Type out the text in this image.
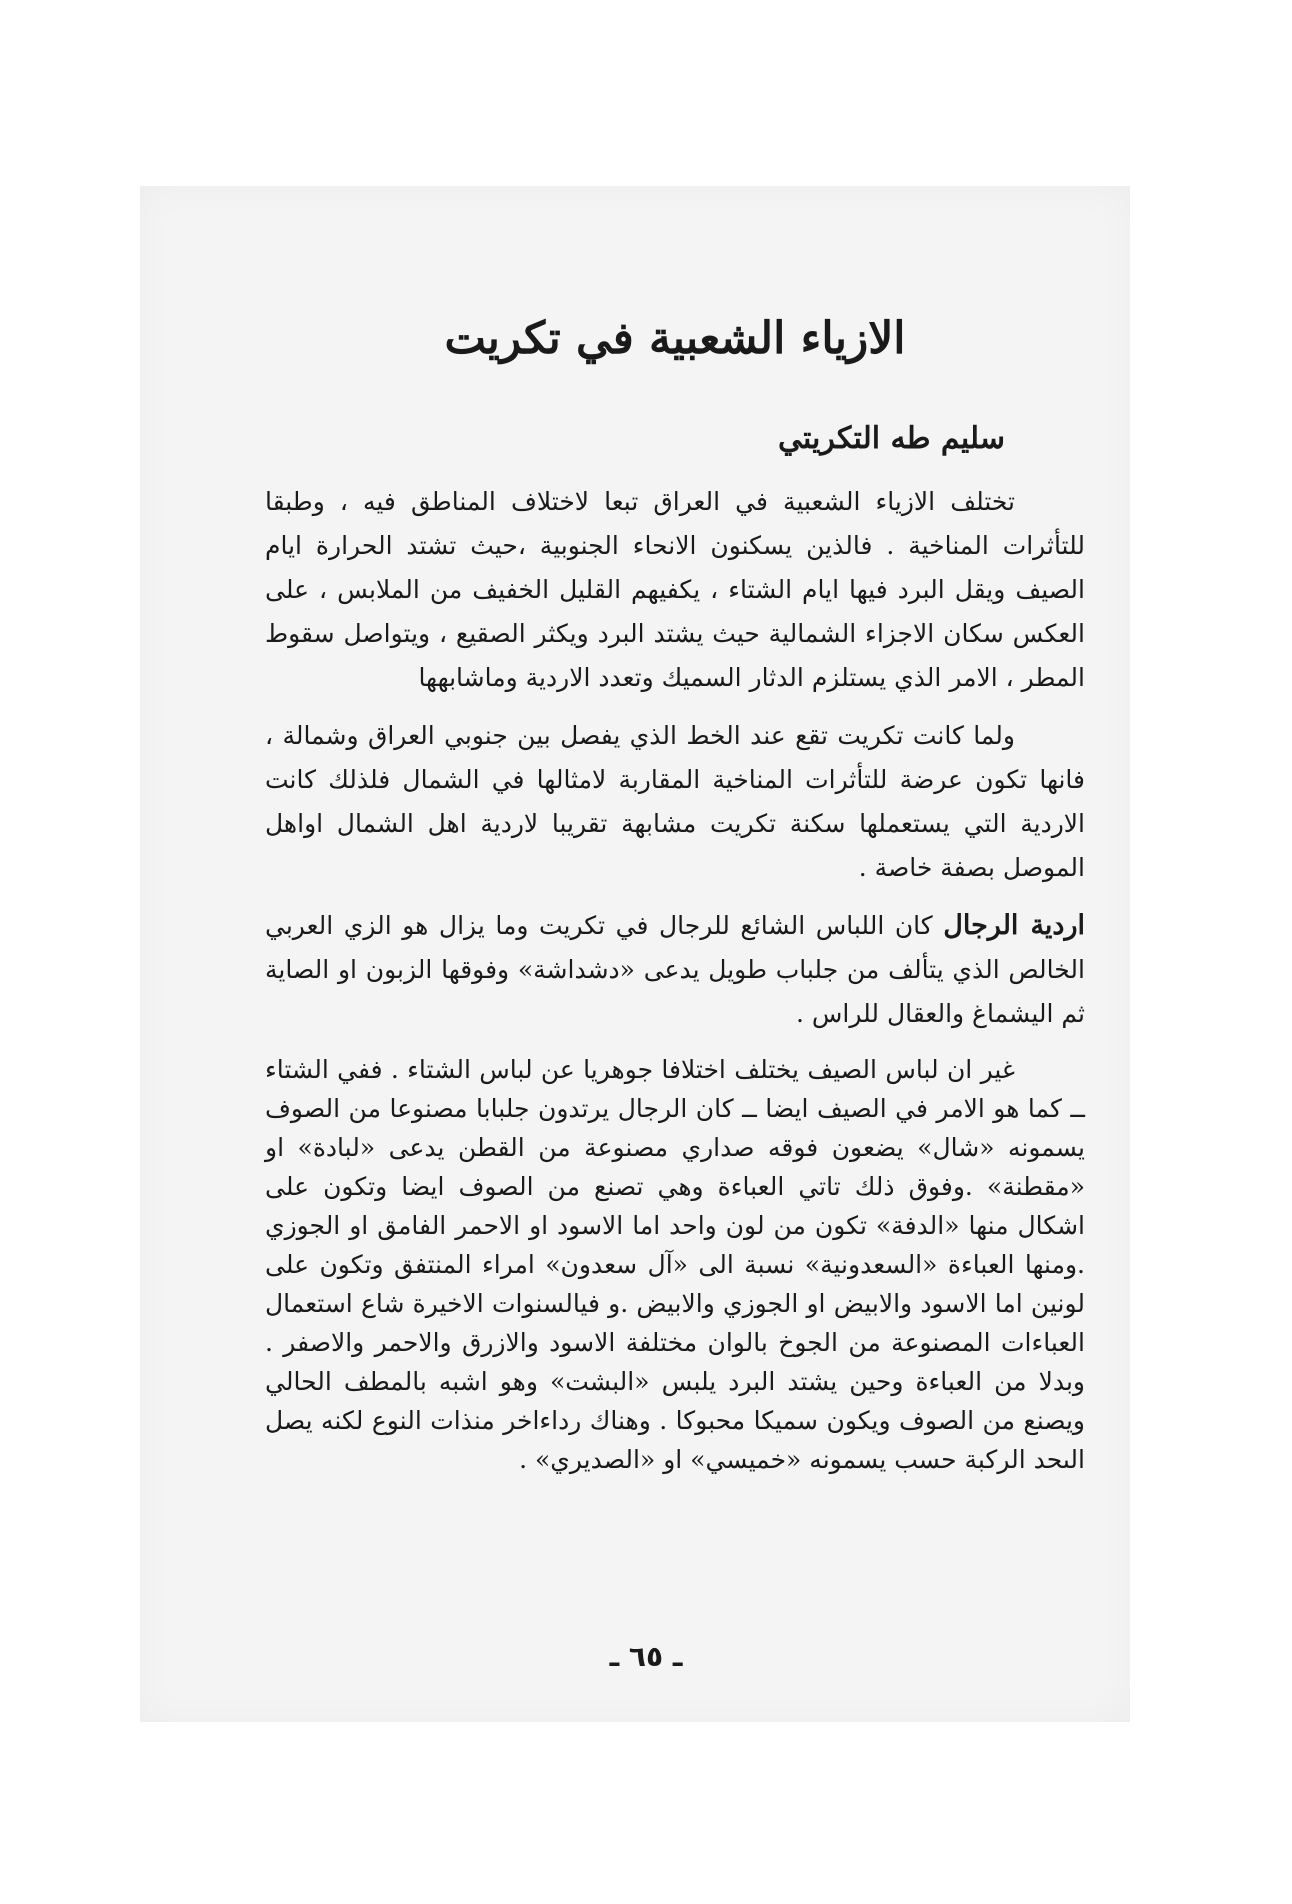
الازياء الشعبية في تكريت
سليم طه التكريتي

تختلف الازياء الشعبية في العراق تبعا لاختلاف المناطق فيه ، وطبقا للتأثرات المناخية . فالذين يسكنون الانحاء الجنوبية ،حيث تشتد الحرارة ايام الصيف ويقل البرد فيها ايام الشتاء ، يكفيهم القليل الخفيف من الملابس ، على العكس سكان الاجزاء الشمالية حيث يشتد البرد ويكثر الصقيع ، ويتواصل سقوط المطر ، الامر الذي يستلزم الدثار السميك وتعدد الاردية وماشابهها

ولما كانت تكريت تقع عند الخط الذي يفصل بين جنوبي العراق وشمالة ، فانها تكون عرضة للتأثرات المناخية المقاربة لامثالها في الشمال فلذلك كانت الاردية التي يستعملها سكنة تكريت مشابهة تقريبا لاردية اهل الشمال اواهل الموصل بصفة خاصة .

اردية الرجال كان اللباس الشائع للرجال في تكريت وما يزال هو الزي العربي الخالص الذي يتألف من جلباب طويل يدعى «دشداشة» وفوقها الزبون او الصاية ثم اليشماغ والعقال للراس .

غير ان لباس الصيف يختلف اختلافا جوهريا عن لباس الشتاء . ففي الشتاء ــ كما هو الامر في الصيف ايضا ــ كان الرجال يرتدون جلبابا مصنوعا من الصوف يسمونه «شال» يضعون فوقه صداري مصنوعة من القطن يدعى «لبادة» او «مقطنة» .وفوق ذلك تاتي العباءة وهي تصنع من الصوف ايضا وتكون على اشكال منها «الدفة» تكون من لون واحد اما الاسود او الاحمر الفامق او الجوزي .ومنها العباءة «السعدونية» نسبة الى «آل سعدون» امراء المنتفق وتكون على لونين اما الاسود والابيض او الجوزي والابيض .و فيالسنوات الاخيرة شاع استعمال العباءات المصنوعة من الجوخ بالوان مختلفة الاسود والازرق والاحمر والاصفر . وبدلا من العباءة وحين يشتد البرد يلبس «البشت» وهو اشبه بالمطف الحالي ويصنع من الصوف ويكون سميكا محبوكا . وهناك رداءاخر منذات النوع لكنه يصل الىحد الركبة حسب يسمونه «خميسي» او «الصديري» .

ـ ٦٥ ـ
